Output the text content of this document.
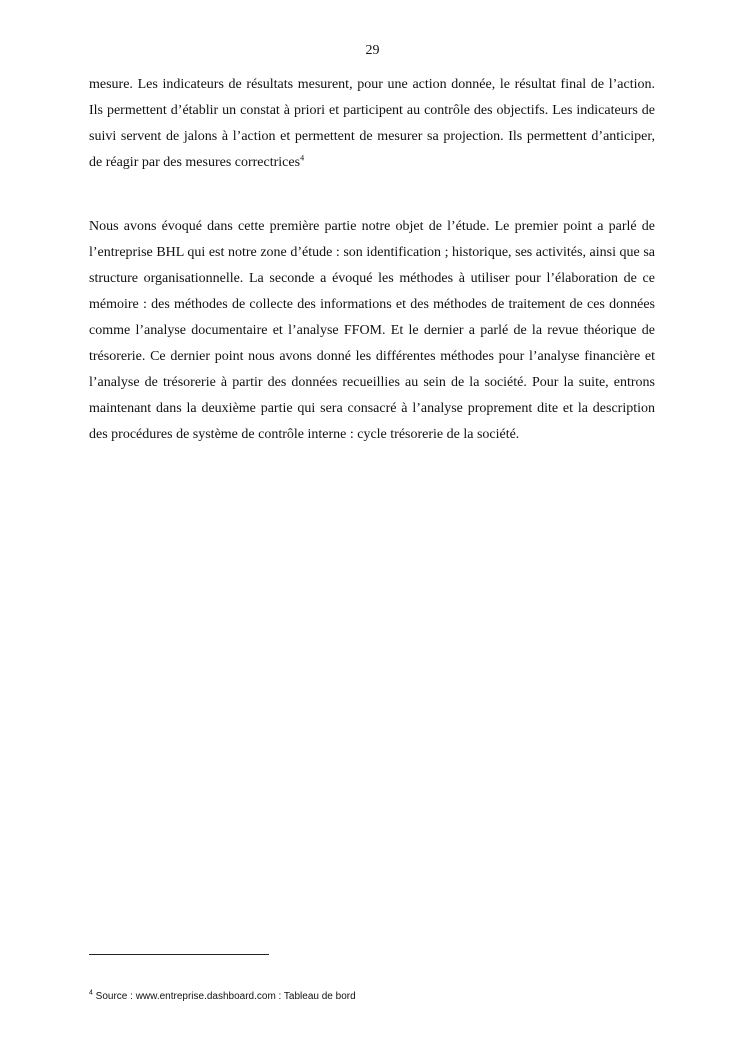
29

mesure. Les indicateurs de résultats mesurent, pour une action donnée, le résultat final de l’action. Ils permettent d’établir un constat à priori et participent au contrôle des objectifs. Les indicateurs de suivi servent de jalons à l’action et permettent de mesurer sa projection. Ils permettent d’anticiper, de réagir par des mesures correctrices$^4$

Nous avons évoqué dans cette première partie notre objet de l’étude. Le premier point a parlé de l’entreprise BHL qui est notre zone d’étude : son identification ; historique, ses activités, ainsi que sa structure organisationnelle. La seconde a évoqué les méthodes à utiliser pour l’élaboration de ce mémoire : des méthodes de collecte des informations et des méthodes de traitement de ces données comme l’analyse documentaire et l’analyse FFOM. Et le dernier a parlé de la revue théorique de trésorerie. Ce dernier point nous avons donné les différentes méthodes pour l’analyse financière et l’analyse de trésorerie à partir des données recueillies au sein de la société. Pour la suite, entrons maintenant dans la deuxième partie qui sera consacré à l’analyse proprement dite et la description des procédures de système de contrôle interne : cycle trésorerie de la société.

$^4$ Source : www.entreprise.dashboard.com : Tableau de bord
